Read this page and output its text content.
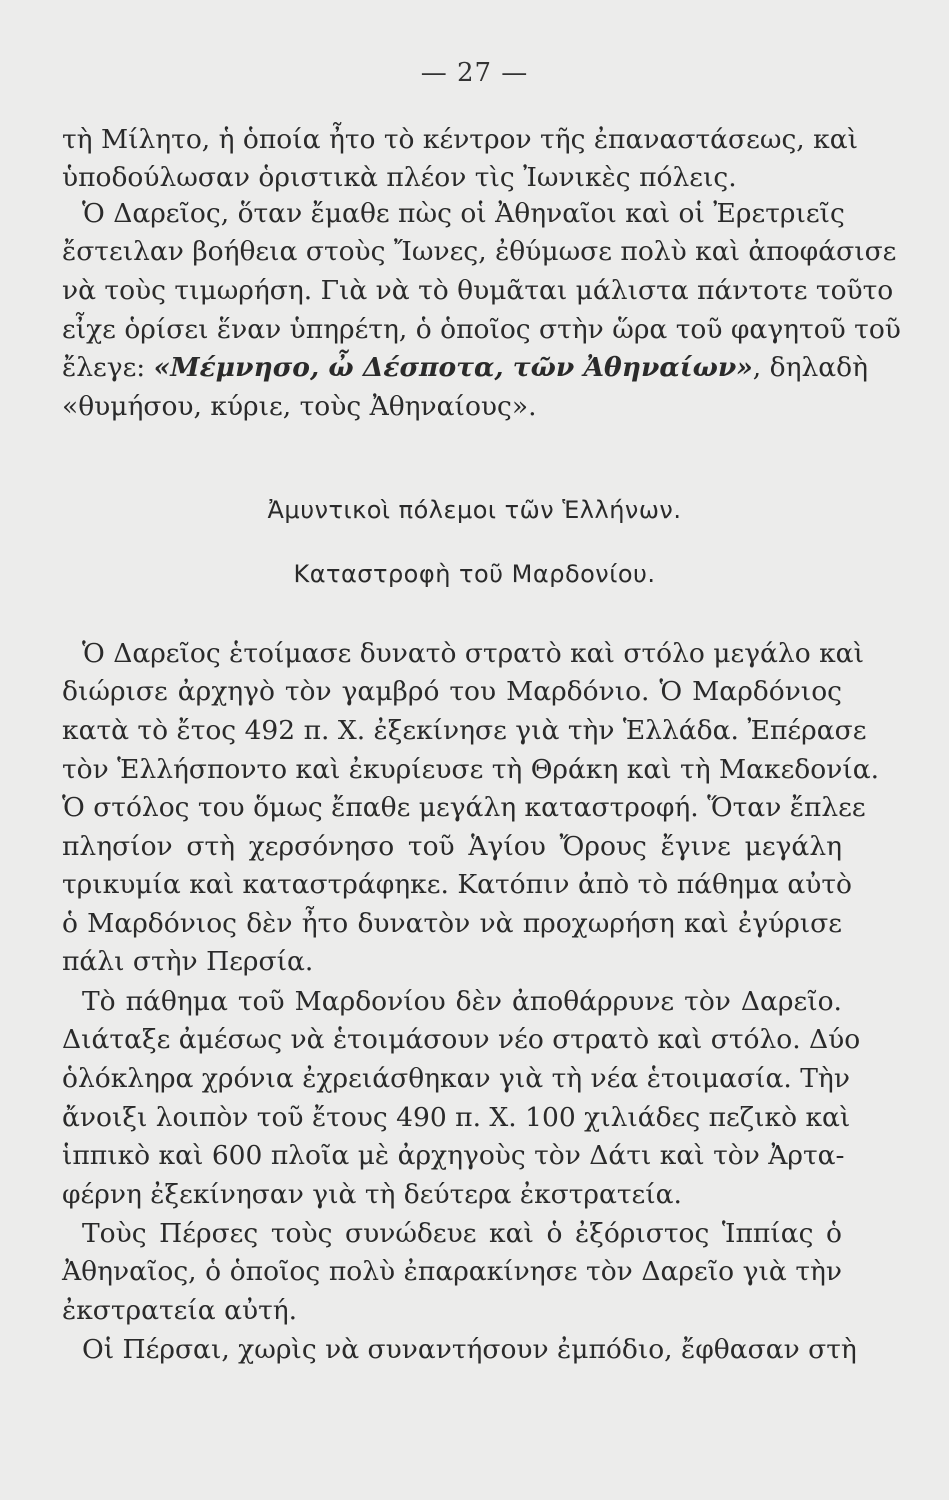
— 27 —
τὴ Μίλητο, ἡ ὁποία ἦτο τὸ κέντρον τῆς ἐπαναστάσεως, καὶ
ὑποδούλωσαν ὁριστικὰ πλέον τὶς Ἰωνικὲς πόλεις.
Ὁ Δαρεῖος, ὅταν ἔμαθε πὼς οἱ Ἀθηναῖοι καὶ οἱ Ἐρετριεῖς
ἔστειλαν βοήθεια στοὺς Ἴωνες, ἐθύμωσε πολὺ καὶ ἀποφάσισε
νὰ τοὺς τιμωρήση. Γιὰ νὰ τὸ θυμᾶται μάλιστα πάντοτε τοῦτο
εἶχε ὁρίσει ἕναν ὑπηρέτη, ὁ ὁποῖος στὴν ὥρα τοῦ φαγητοῦ τοῦ
ἔλεγε: «Μέμνησο, ὦ Δέσποτα, τῶν Ἀθηναίων», δηλαδὴ
«θυμήσου, κύριε, τοὺς Ἀθηναίους».
Ἀμυντικοὶ πόλεμοι τῶν Ἑλλήνων.
Καταστροφὴ τοῦ Μαρδονίου.
Ὁ Δαρεῖος ἑτοίμασε δυνατὸ στρατὸ καὶ στόλο μεγάλο καὶ
διώρισε ἀρχηγὸ τὸν γαμβρό του Μαρδόνιο. Ὁ Μαρδόνιος
κατὰ τὸ ἔτος 492 π. Χ. ἐξεκίνησε γιὰ τὴν Ἑλλάδα. Ἐπέρασε
τὸν Ἑλλήσποντο καὶ ἐκυρίευσε τὴ Θράκη καὶ τὴ Μακεδονία.
Ὁ στόλος του ὅμως ἔπαθε μεγάλη καταστροφή. Ὅταν ἔπλεε
πλησίον στὴ χερσόνησο τοῦ Ἁγίου Ὄρους ἔγινε μεγάλη
τρικυμία καὶ καταστράφηκε. Κατόπιν ἀπὸ τὸ πάθημα αὐτὸ
ὁ Μαρδόνιος δὲν ἦτο δυνατὸν νὰ προχωρήση καὶ ἐγύρισε
πάλι στὴν Περσία.
Τὸ πάθημα τοῦ Μαρδονίου δὲν ἀποθάρρυνε τὸν Δαρεῖο.
Διάταξε ἀμέσως νὰ ἑτοιμάσουν νέο στρατὸ καὶ στόλο. Δύο
ὁλόκληρα χρόνια ἐχρειάσθηκαν γιὰ τὴ νέα ἑτοιμασία. Τὴν
ἄνοιξι λοιπὸν τοῦ ἔτους 490 π. Χ. 100 χιλιάδες πεζικὸ καὶ
ἱππικὸ καὶ 600 πλοῖα μὲ ἀρχηγοὺς τὸν Δάτι καὶ τὸν Ἀρτα-
φέρνη ἐξεκίνησαν γιὰ τὴ δεύτερα ἐκστρατεία.
Τοὺς Πέρσες τοὺς συνώδευε καὶ ὁ ἐξόριστος Ἱππίας ὁ
Ἀθηναῖος, ὁ ὁποῖος πολὺ ἐπαρακίνησε τὸν Δαρεῖο γιὰ τὴν
ἐκστρατεία αὐτή.
Οἱ Πέρσαι, χωρὶς νὰ συναντήσουν ἐμπόδιο, ἔφθασαν στὴ
